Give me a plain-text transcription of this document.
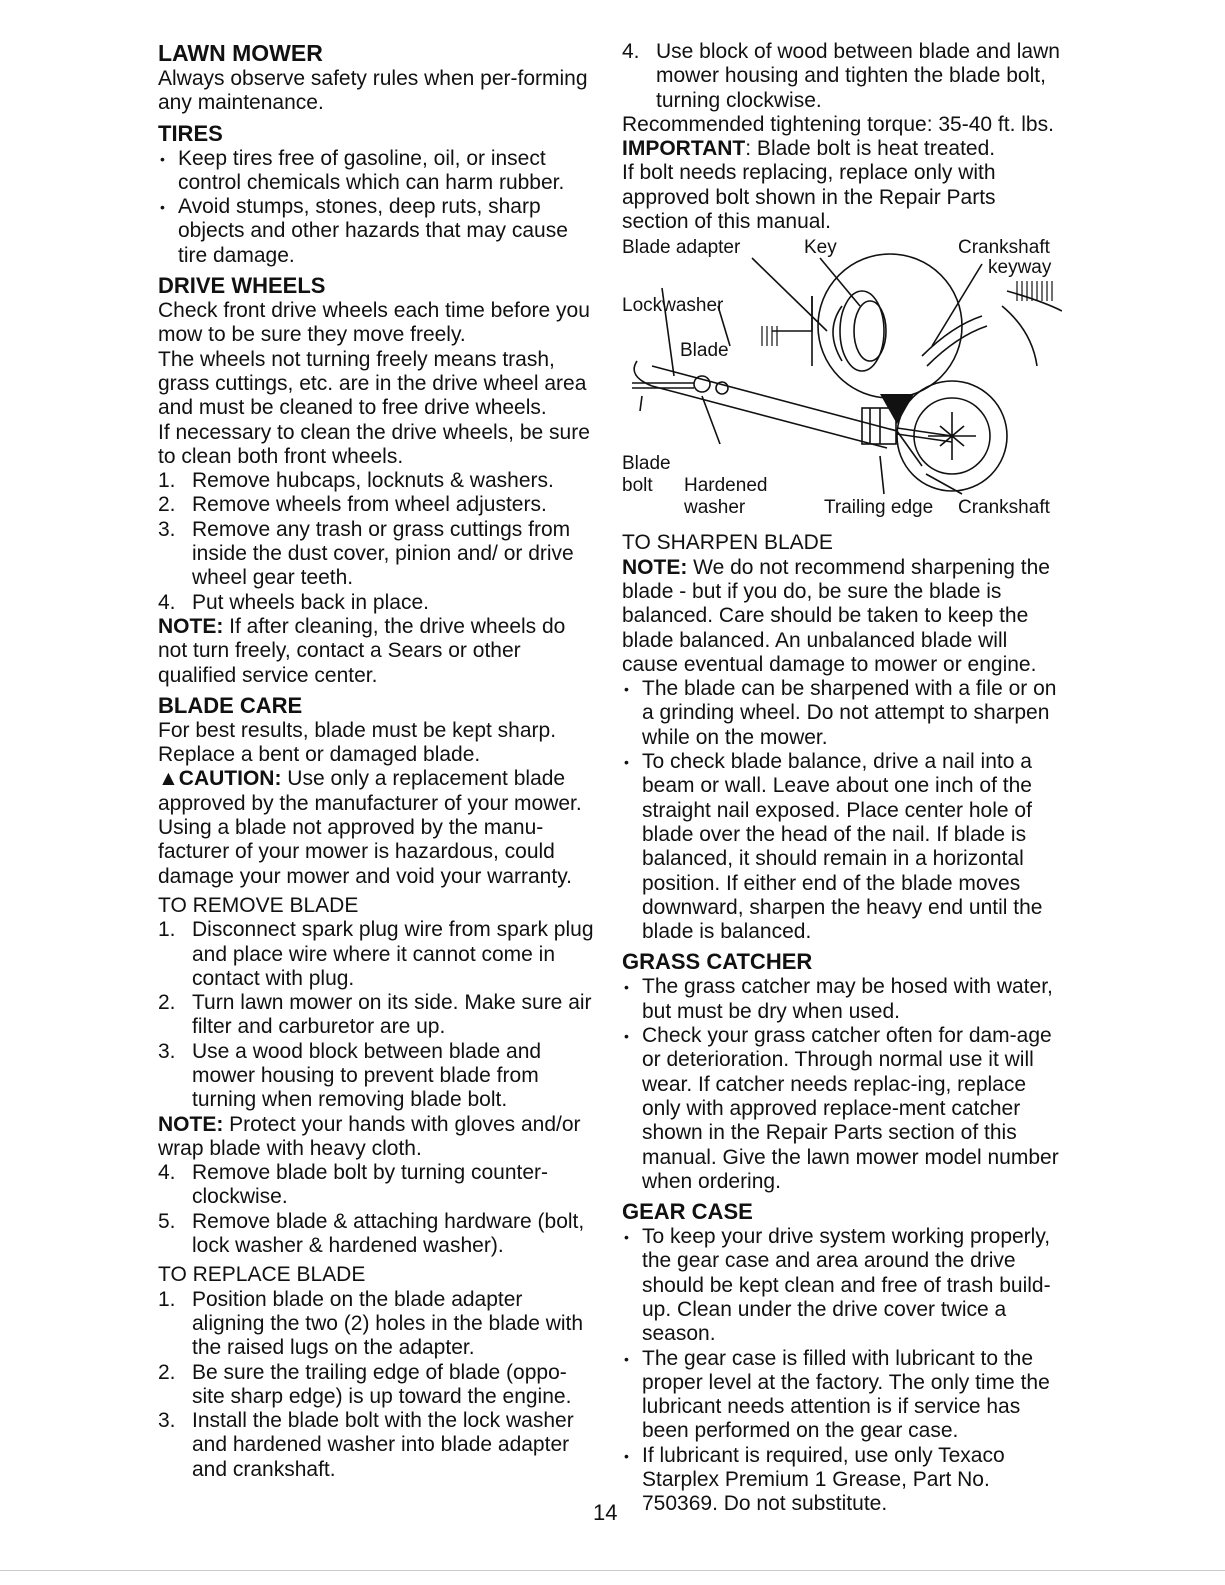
LAWN MOWER

Always observe safety rules when per-forming any maintenance.

TIRES
• Keep tires free of gasoline, oil, or insect control chemicals which can harm rubber.
• Avoid stumps, stones, deep ruts, sharp objects and other hazards that may cause tire damage.
DRIVE WHEELS

Check front drive wheels each time before you mow to be sure they move freely.

The wheels not turning freely means trash, grass cuttings, etc. are in the drive wheel area and must be cleaned to free drive wheels.

If necessary to clean the drive wheels, be sure to clean both front wheels.

1. Remove hubcaps, locknuts & washers.
2. Remove wheels from wheel adjusters.
3. Remove any trash or grass cuttings from inside the dust cover, pinion and/ or drive wheel gear teeth.
4. Put wheels back in place.

NOTE: If after cleaning, the drive wheels do not turn freely, contact a Sears or other qualified service center.

BLADE CARE

For best results, blade must be kept sharp.

Replace a bent or damaged blade.

▲CAUTION: Use only a replacement blade approved by the manufacturer of your mower. Using a blade not approved by the manu-facturer of your mower is hazardous, could damage your mower and void your warranty.

TO REMOVE BLADE

1. Disconnect spark plug wire from spark plug and place wire where it cannot come in contact with plug.
2. Turn lawn mower on its side. Make sure air filter and carburetor are up.
3. Use a wood block between blade and mower housing to prevent blade from turning when removing blade bolt.

NOTE: Protect your hands with gloves and/or wrap blade with heavy cloth.

4. Remove blade bolt by turning counter-clockwise.
5. Remove blade & attaching hardware (bolt, lock washer & hardened washer).

TO REPLACE BLADE

1. Position blade on the blade adapter aligning the two (2) holes in the blade with the raised lugs on the adapter.
2. Be sure the trailing edge of blade (oppo-site sharp edge) is up toward the engine.
3. Install the blade bolt with the lock washer and hardened washer into blade adapter and crankshaft.
4. Use block of wood between blade and lawn mower housing and tighten the blade bolt, turning clockwise.

Recommended tightening torque: 35-40 ft. lbs.

IMPORTANT: Blade bolt is heat treated.

If bolt needs replacing, replace only with approved bolt shown in the Repair Parts section of this manual.

Blade adapter	Key	Crankshaft
keyway
Lockwasher
Blade
Blade
bolt Hardened
washer	Trailing edge Crankshaft

TO SHARPEN BLADE

NOTE: We do not recommend sharpening the blade - but if you do, be sure the blade is balanced. Care should be taken to keep the blade balanced. An unbalanced blade will cause eventual damage to mower or engine.

• The blade can be sharpened with a file or on a grinding wheel. Do not attempt to sharpen while on the mower.
• To check blade balance, drive a nail into a beam or wall. Leave about one inch of the straight nail exposed. Place center hole of blade over the head of the nail. If blade is balanced, it should remain in a horizontal position. If either end of the blade moves downward, sharpen the heavy end until the blade is balanced.
GRASS CATCHER
• The grass catcher may be hosed with water, but must be dry when used.
• Check your grass catcher often for dam-age or deterioration. Through normal use it will wear. If catcher needs replac-ing, replace only with approved replace-ment catcher shown in the Repair Parts section of this manual. Give the lawn mower model number when ordering.
GEAR CASE
• To keep your drive system working properly, the gear case and area around the drive should be kept clean and free of trash build-up. Clean under the drive cover twice a season.
• The gear case is filled with lubricant to the proper level at the factory. The only time the lubricant needs attention is if service has been performed on the gear case.
• If lubricant is required, use only Texaco Starplex Premium 1 Grease, Part No. 750369. Do not substitute.
14
